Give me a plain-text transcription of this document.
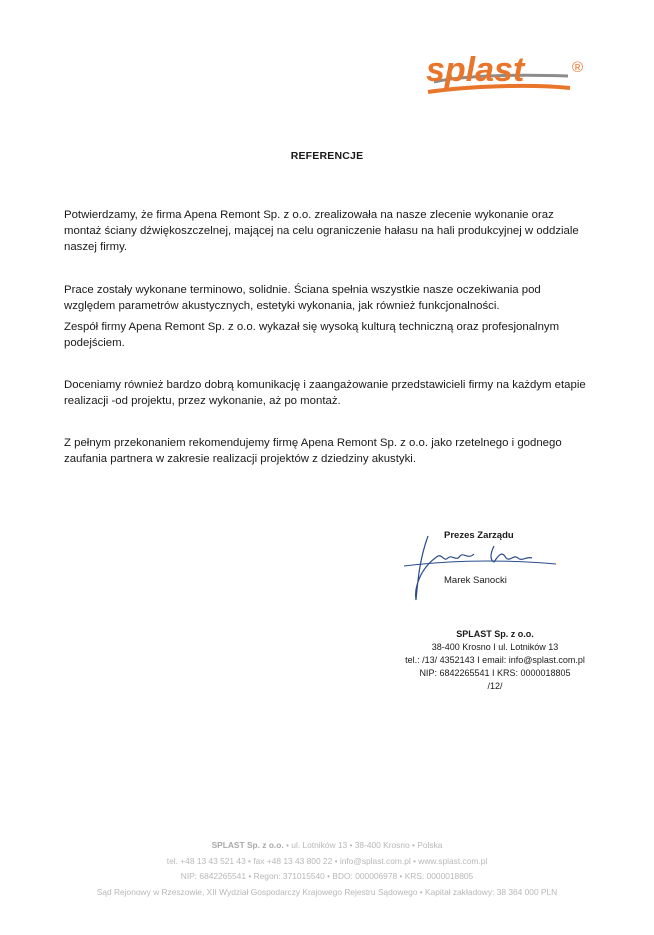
splast	®
REFERENCJE

Potwierdzamy, że firma Apena Remont Sp. z o.o. zrealizowała na nasze zlecenie wykonanie oraz montaż ściany dźwiękoszczelnej, mającej na celu ograniczenie hałasu na hali produkcyjnej w oddziale naszej firmy.

Prace zostały wykonane terminowo, solidnie. Ściana spełnia wszystkie nasze oczekiwania pod względem parametrów akustycznych, estetyki wykonania, jak również funkcjonalności.

Zespół firmy Apena Remont Sp. z o.o. wykazał się wysoką kulturą techniczną oraz profesjonalnym podejściem.

Doceniamy również bardzo dobrą komunikację i zaangażowanie przedstawicieli firmy na każdym etapie realizacji -od projektu, przez wykonanie, aż po montaż.

Z pełnym przekonaniem rekomendujemy firmę Apena Remont Sp. z o.o. jako rzetelnego i godnego zaufania partnera w zakresie realizacji projektów z dziedziny akustyki.

Prezes Zarządu
Marek Sanocki
SPLAST Sp. z o.o.
38-400 Krosno I ul. Lotników 13
tel.: /13/ 4352143 I email: info@splast.com.pl
NIP: 6842265541 I KRS: 0000018805
/12/
SPLAST Sp. z o.o. • ul. Lotników 13 • 38-400 Krosno • Polska
tel. +48 13 43 521 43 • fax +48 13 43 800 22 • info@splast.com.pl • www.splast.com.pl
NIP: 6842265541 • Regon: 371015540 • BDO: 000006978 • KRS: 0000018805
Sąd Rejonowy w Rzeszowie, XII Wydział Gospodarczy Krajowego Rejestru Sądowego • Kapitał zakładowy: 38 364 000 PLN
